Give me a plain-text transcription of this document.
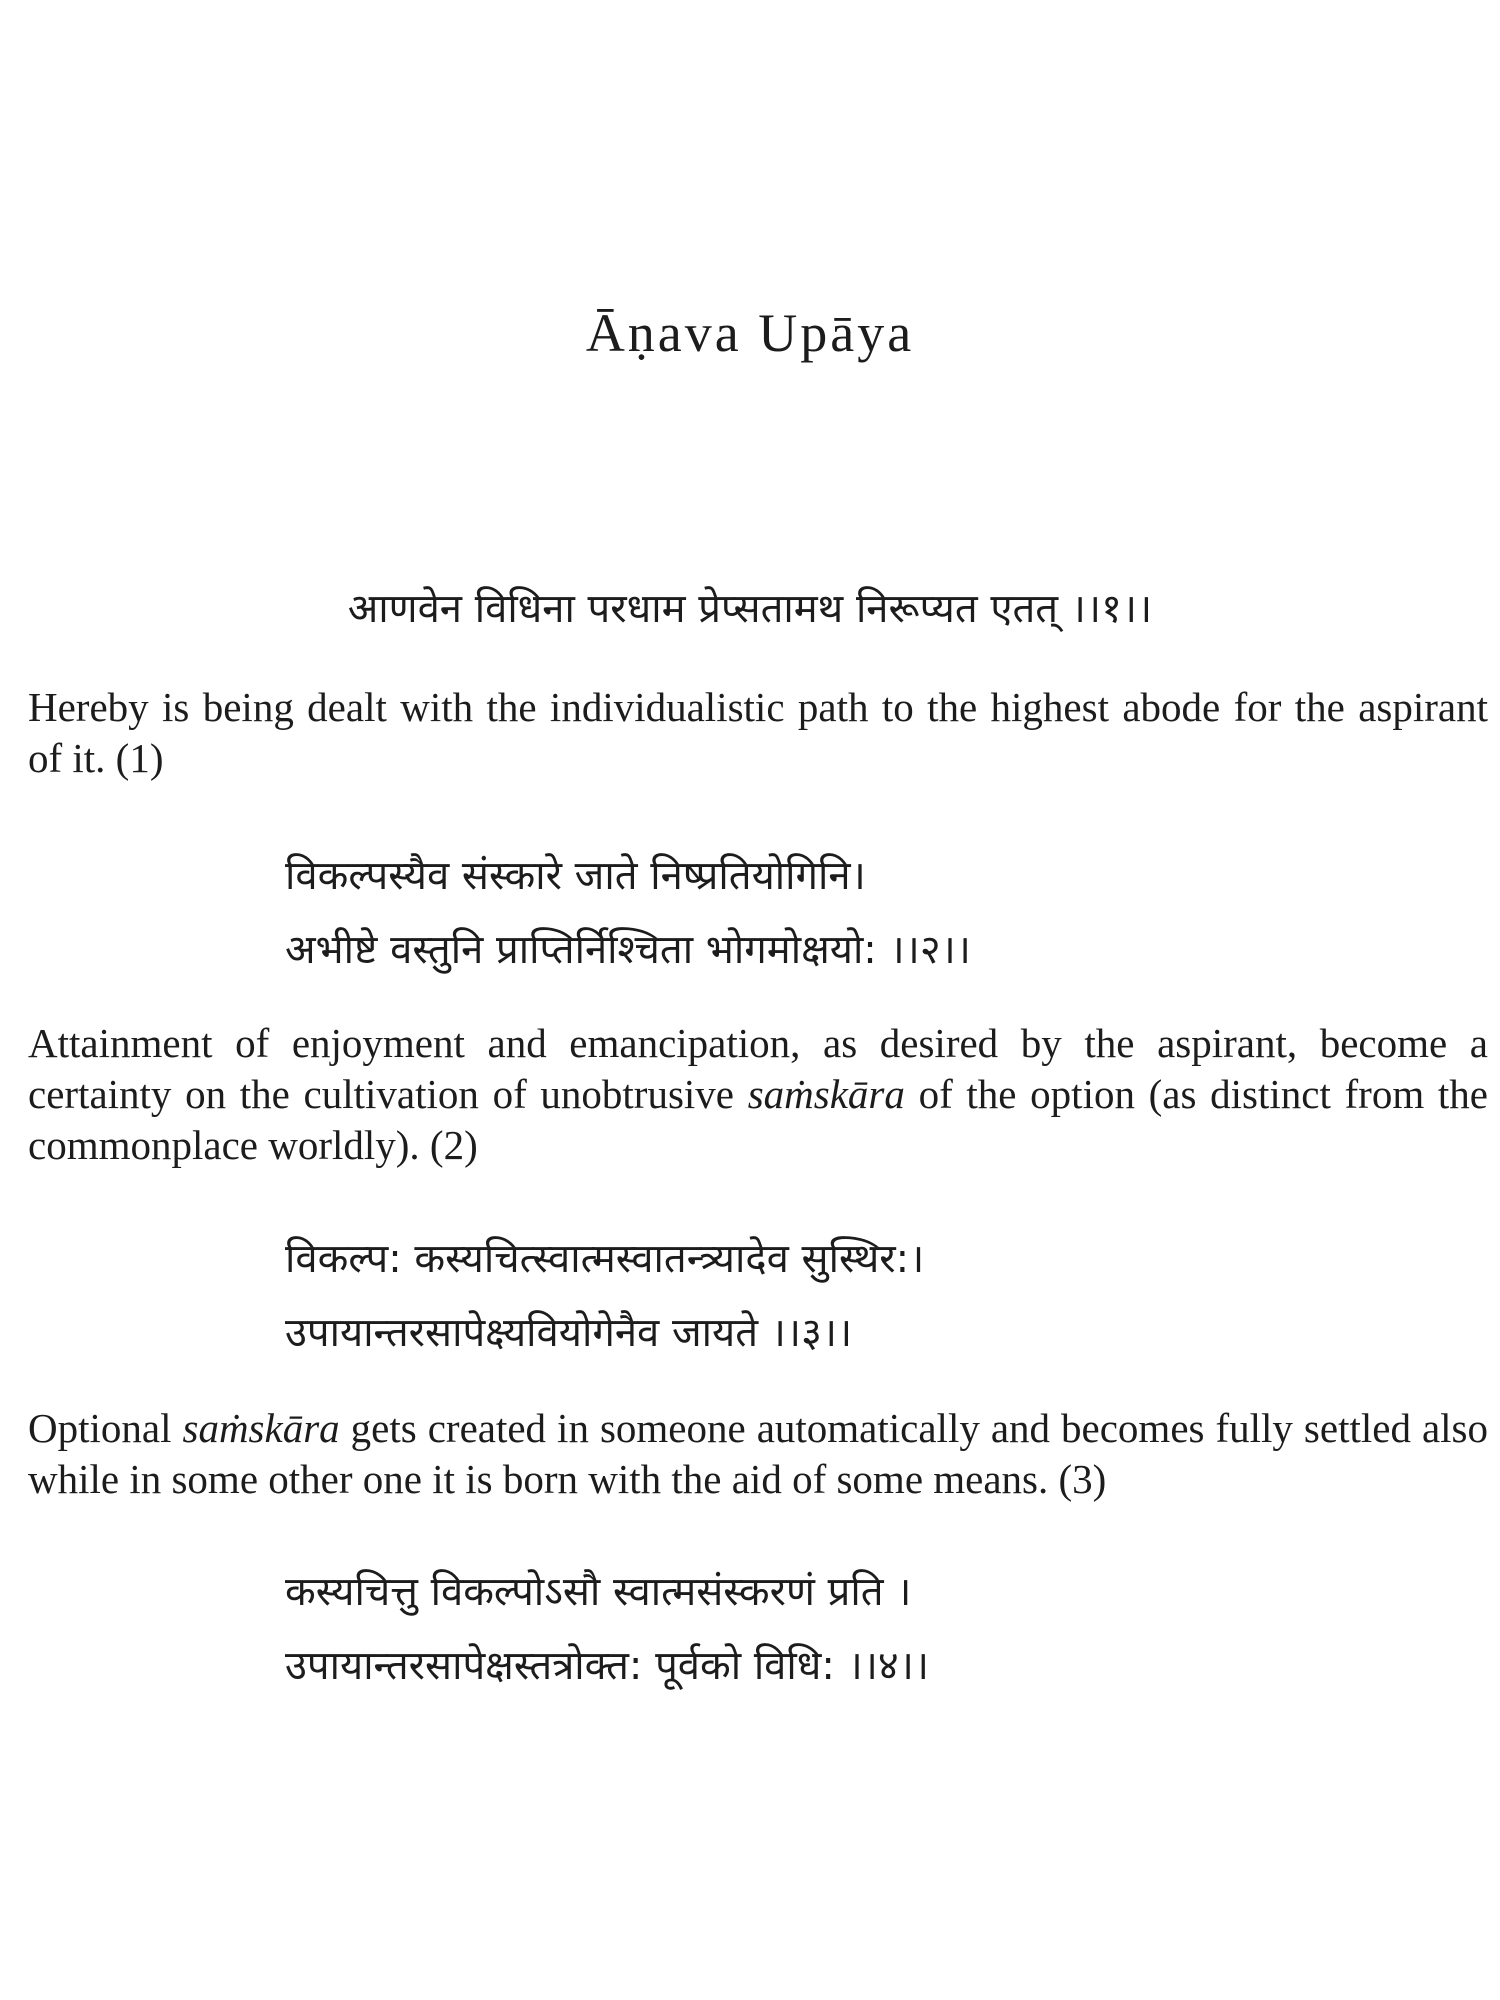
Āṇava Upāya

आणवेन विधिना परधाम प्रेप्सतामथ निरूप्यत एतत् ।।१।।

Hereby is being dealt with the individualistic path to the highest abode for the aspirant of it. (1)

विकल्पस्यैव संस्कारे जाते निष्प्रतियोगिनि।
अभीष्टे वस्तुनि प्राप्तिर्निश्चिता भोगमोक्षयो: ।।२।।

Attainment of enjoyment and emancipation, as desired by the aspirant, become a certainty on the cultivation of unobtrusive saṁskāra of the option (as distinct from the commonplace worldly). (2)

विकल्प: कस्यचित्स्वात्मस्वातन्त्र्यादेव सुस्थिर:।
उपायान्तरसापेक्ष्यवियोगेनैव जायते ।।३।।

Optional saṁskāra gets created in someone automatically and becomes fully settled also while in some other one it is born with the aid of some means. (3)

कस्यचित्तु विकल्पोऽसौ स्वात्मसंस्करणं प्रति ।
उपायान्तरसापेक्षस्तत्रोक्त: पूर्वको विधि: ।।४।।
